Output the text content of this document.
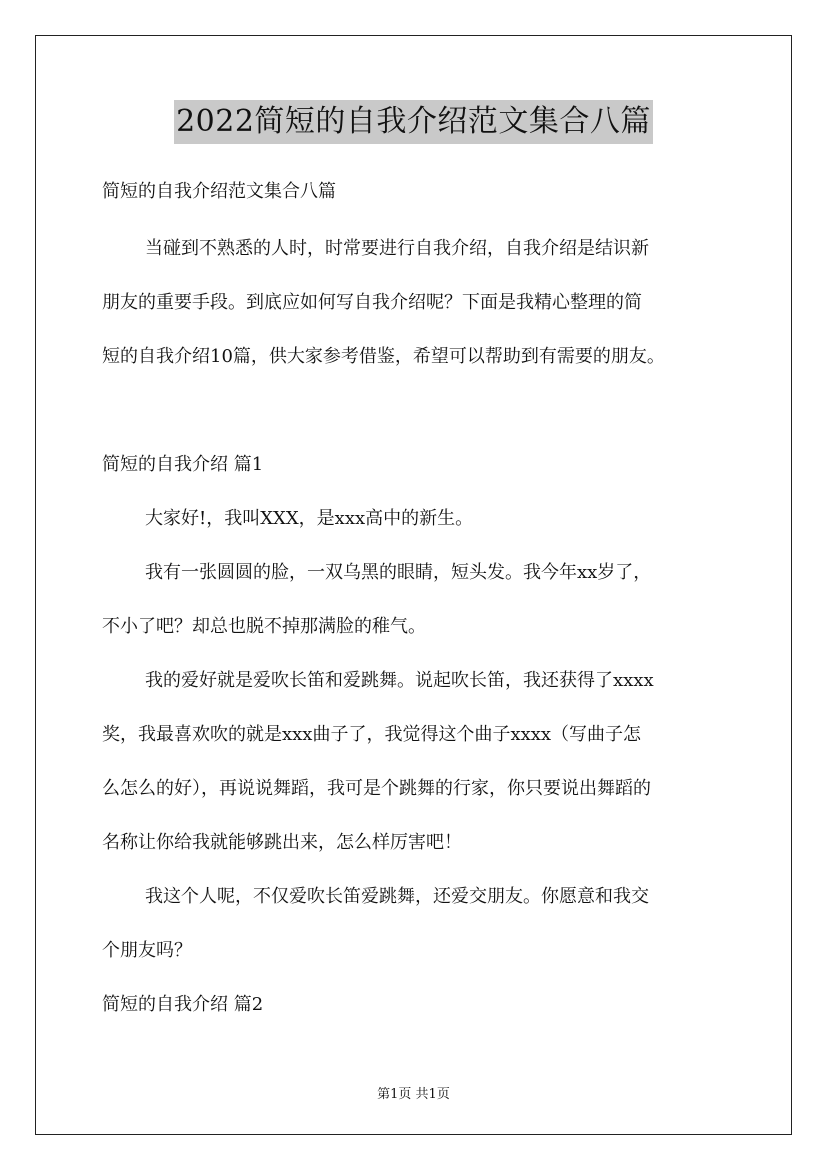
2022简短的自我介绍范文集合八篇
简短的自我介绍范文集合八篇
当碰到不熟悉的人时，时常要进行自我介绍，自我介绍是结识新
朋友的重要手段。到底应如何写自我介绍呢？下面是我精心整理的简
短的自我介绍10篇，供大家参考借鉴，希望可以帮助到有需要的朋友。
简短的自我介绍 篇1
大家好!，我叫XXX，是xxx高中的新生。
我有一张圆圆的脸，一双乌黑的眼睛，短头发。我今年xx岁了，
不小了吧？却总也脱不掉那满脸的稚气。
我的爱好就是爱吹长笛和爱跳舞。说起吹长笛，我还获得了xxxx
奖，我最喜欢吹的就是xxx曲子了，我觉得这个曲子xxxx（写曲子怎
么怎么的好），再说说舞蹈，我可是个跳舞的行家，你只要说出舞蹈的
名称让你给我就能够跳出来，怎么样厉害吧！
我这个人呢，不仅爱吹长笛爱跳舞，还爱交朋友。你愿意和我交
个朋友吗？
简短的自我介绍 篇2
第1页 共1页
